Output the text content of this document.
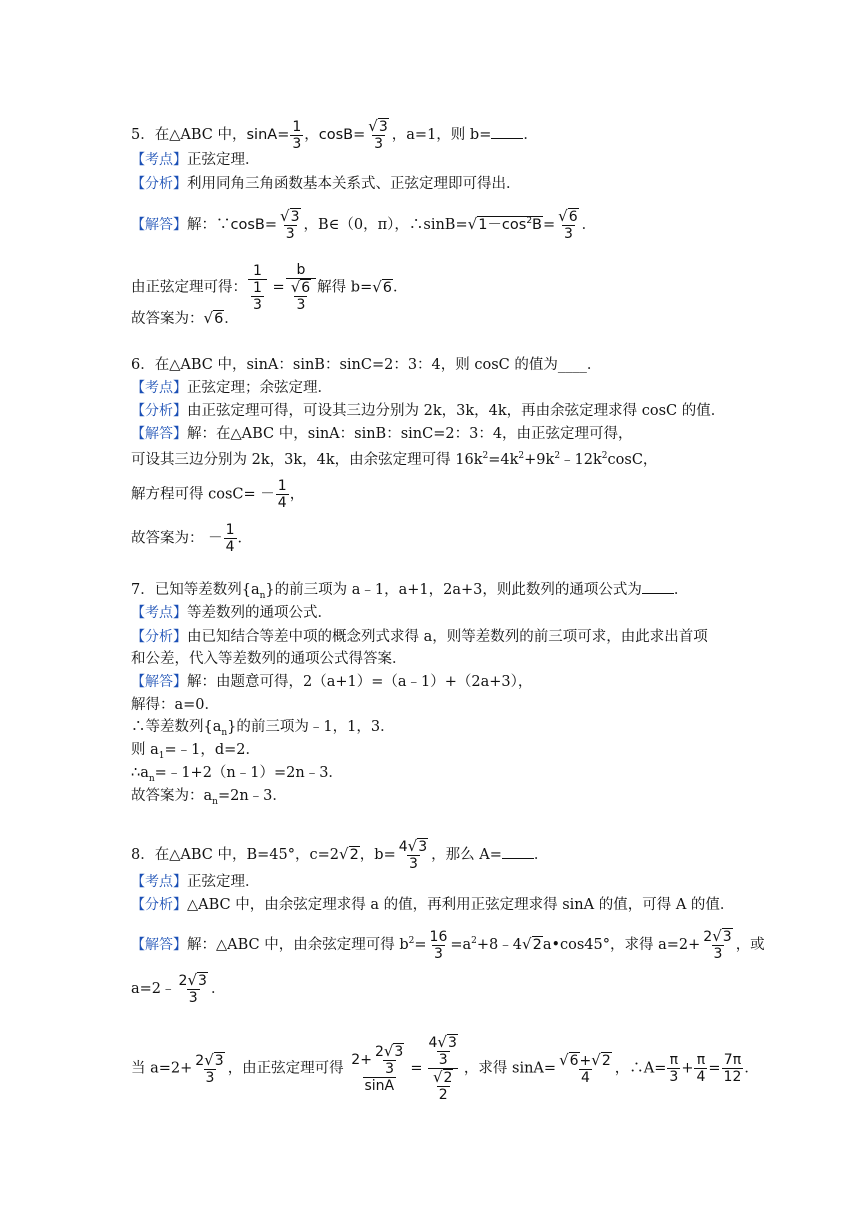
5．在△ABC 中，$\sin A= \frac{1}{3}$ ，$\cos B= \frac{√3}{3}$ ，a=1，则 b= ．
【考点】正弦定理．
【分析】利用同角三角函数基本关系式、正弦定理即可得出．
【解答】解：∵cosB= $\frac{√3}{3}$ ，B∈（0，π），$\therefore\sin B=√1-\cos^2B= \frac{√6}{3}$ ．
由正弦定理可得： $\frac{1}{\frac{1}{3}} = \frac{b}{\frac{√6}{3}}$ 解得 b=√6．
故答案为：√6．
6．在△ABC 中，sinA：sinB：sinC=2：3：4，则 cosC 的值为____．
【考点】正弦定理；余弦定理．
【分析】由正弦定理可得，可设其三边分别为 2k，3k，4k，再由余弦定理求得 cosC 的值．
【解答】解：在△ABC 中，sinA：sinB：sinC=2：3：4，由正弦定理可得，
可设其三边分别为 2k，3k，4k，由余弦定理可得 $16k^2=4k^2+9k^2﹣12k^2\cos C$，
解方程可得 $\cos C= - \frac{1}{4}$ ，
故答案为： － $\frac{1}{4}$ ．
7．已知等差数列$\{a_n\}$的前三项为 a﹣1，a+1，2a+3，则此数列的通项公式为 ．
【考点】等差数列的通项公式．
【分析】由已知结合等差中项的概念列式求得 a，则等差数列的前三项可求，由此求出首项
和公差，代入等差数列的通项公式得答案．
【解答】解：由题意可得，2（a+1）=（a﹣1）+（2a+3），
解得：a=0．
∴等差数列$\{a_n\}$的前三项为﹣1，1，3．
则 $a_1=﹣1$，d=2．
$\therefore a_n=﹣1+2(n﹣1)=2n﹣3$．
故答案为：$a_n=2n﹣3$．
8．在△ABC 中，B=45°，c=2√2，$b= \frac{4√3}{3}$ ，那么 A= ．
【考点】正弦定理．
【分析】△ABC 中，由余弦定理求得 a 的值，再利用正弦定理求得 sinA 的值，可得 A 的值．
【解答】解：△ABC 中，由余弦定理可得 $b^2= \frac{16}{3}$ $=a^2+8﹣4√2a•\cos 45^\circ$，求得 $a=2+ \frac{2√3}{3}$ ，或
a=2﹣ $\frac{2√3}{3}$ ．
当 $a=2+ \frac{2√3}{3}$ ，由正弦定理可得 $\frac{2+ \frac{2√3}{3}}{\sin A} = \frac{\frac{4√3}{3}}{\frac{√2}{2}}$ ，求得 $\sin A= \frac{√6+√2}{4}$ ，∴A= $\frac{\pi}{3} + \frac{\pi}{4} = \frac{7\pi}{12}$ ．
